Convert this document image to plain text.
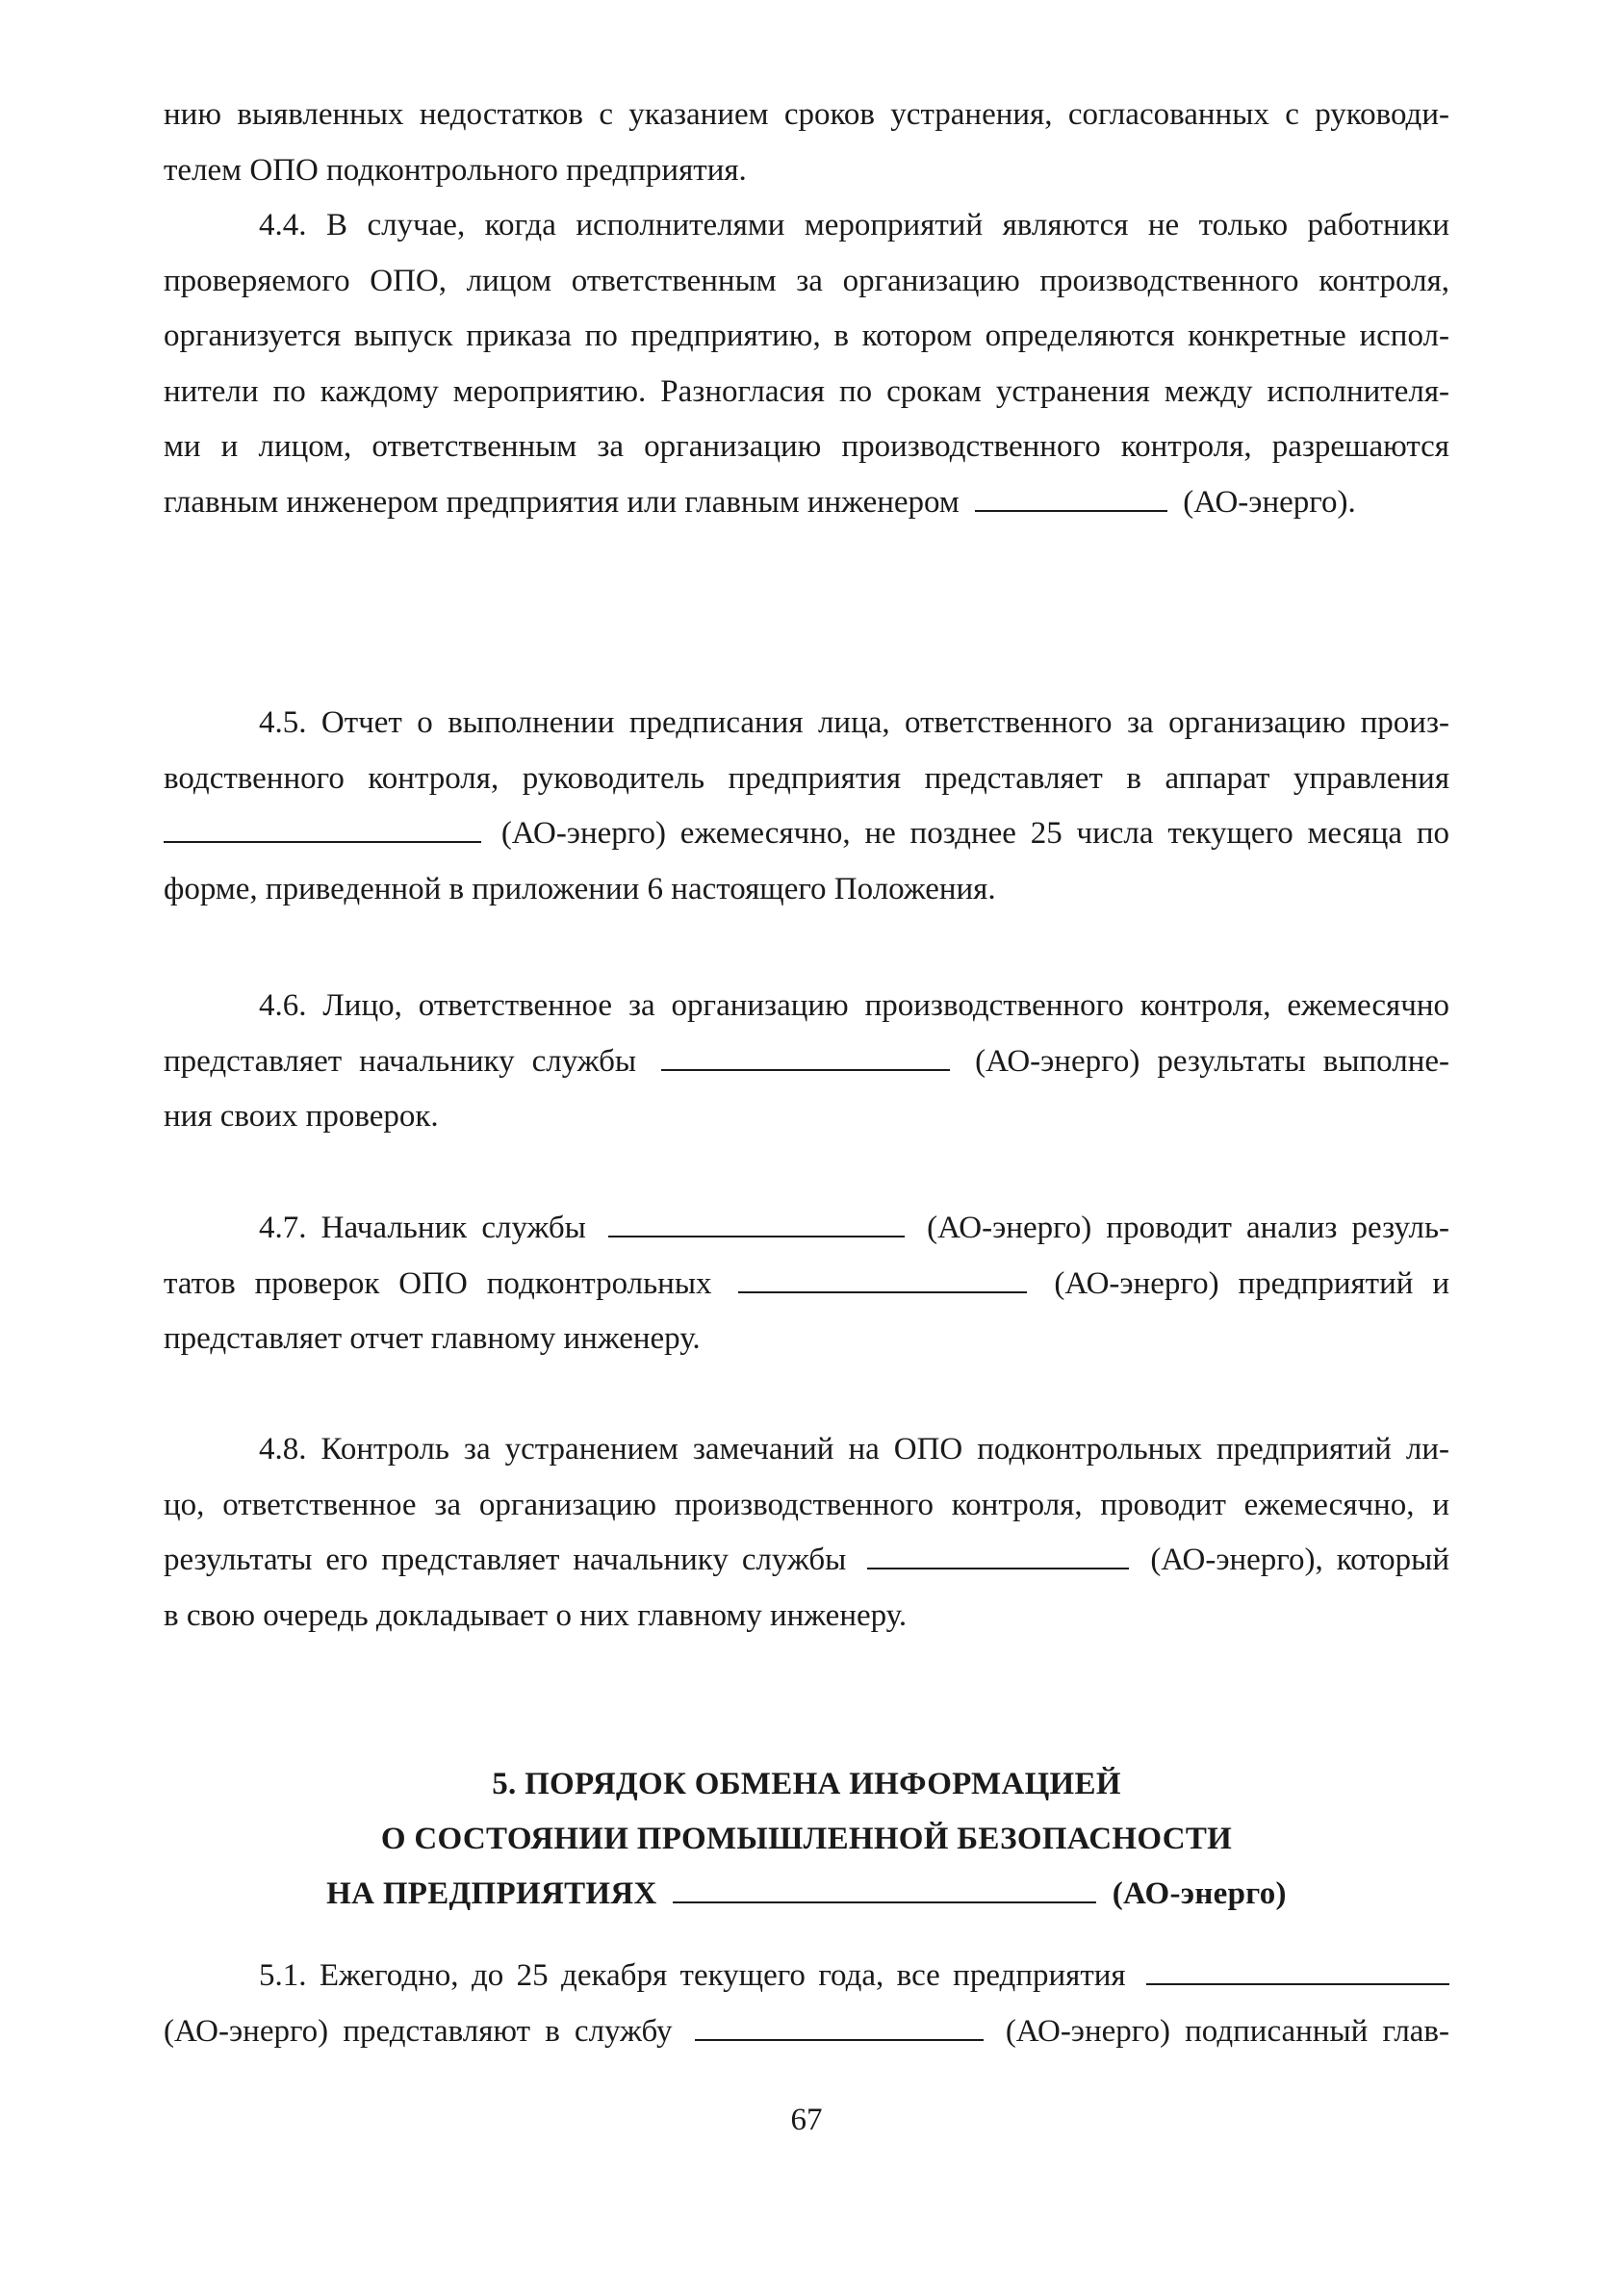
нию выявленных недостатков с указанием сроков устранения, согласованных с руководи-
телем ОПО подконтрольного предприятия.
4.4. В случае, когда исполнителями мероприятий являются не только работники
проверяемого ОПО, лицом ответственным за организацию производственного контроля,
организуется выпуск приказа по предприятию, в котором определяются конкретные испол-
нители по каждому мероприятию. Разногласия по срокам устранения между исполнителя-
ми и лицом, ответственным за организацию производственного контроля, разрешаются
главным инженером предприятия или главным инженером	(АО-энерго).
4.5. Отчет о выполнении предписания лица, ответственного за организацию произ-
водственного контроля, руководитель предприятия представляет в аппарат управления
(АО-энерго) ежемесячно, не позднее 25 числа текущего месяца по
форме, приведенной в приложении 6 настоящего Положения.
4.6. Лицо, ответственное за организацию производственного контроля, ежемесячно
представляет начальнику службы	(АО-энерго) результаты выполне-
ния своих проверок.
4.7. Начальник службы	(АО-энерго) проводит анализ резуль-
татов проверок ОПО подконтрольных	(АО-энерго) предприятий и
представляет отчет главному инженеру.
4.8. Контроль за устранением замечаний на ОПО подконтрольных предприятий ли-
цо, ответственное за организацию производственного контроля, проводит ежемесячно, и
результаты его представляет начальнику службы	(АО-энерго), который
в свою очередь докладывает о них главному инженеру.
5. ПОРЯДОК ОБМЕНА ИНФОРМАЦИЕЙ
О СОСТОЯНИИ ПРОМЫШЛЕННОЙ БЕЗОПАСНОСТИ
НА ПРЕДПРИЯТИЯХ	(АО-энерго)
5.1. Ежегодно, до 25 декабря текущего года, все предприятия
(АО-энерго) представляют в службу	(АО-энерго) подписанный глав-
67
